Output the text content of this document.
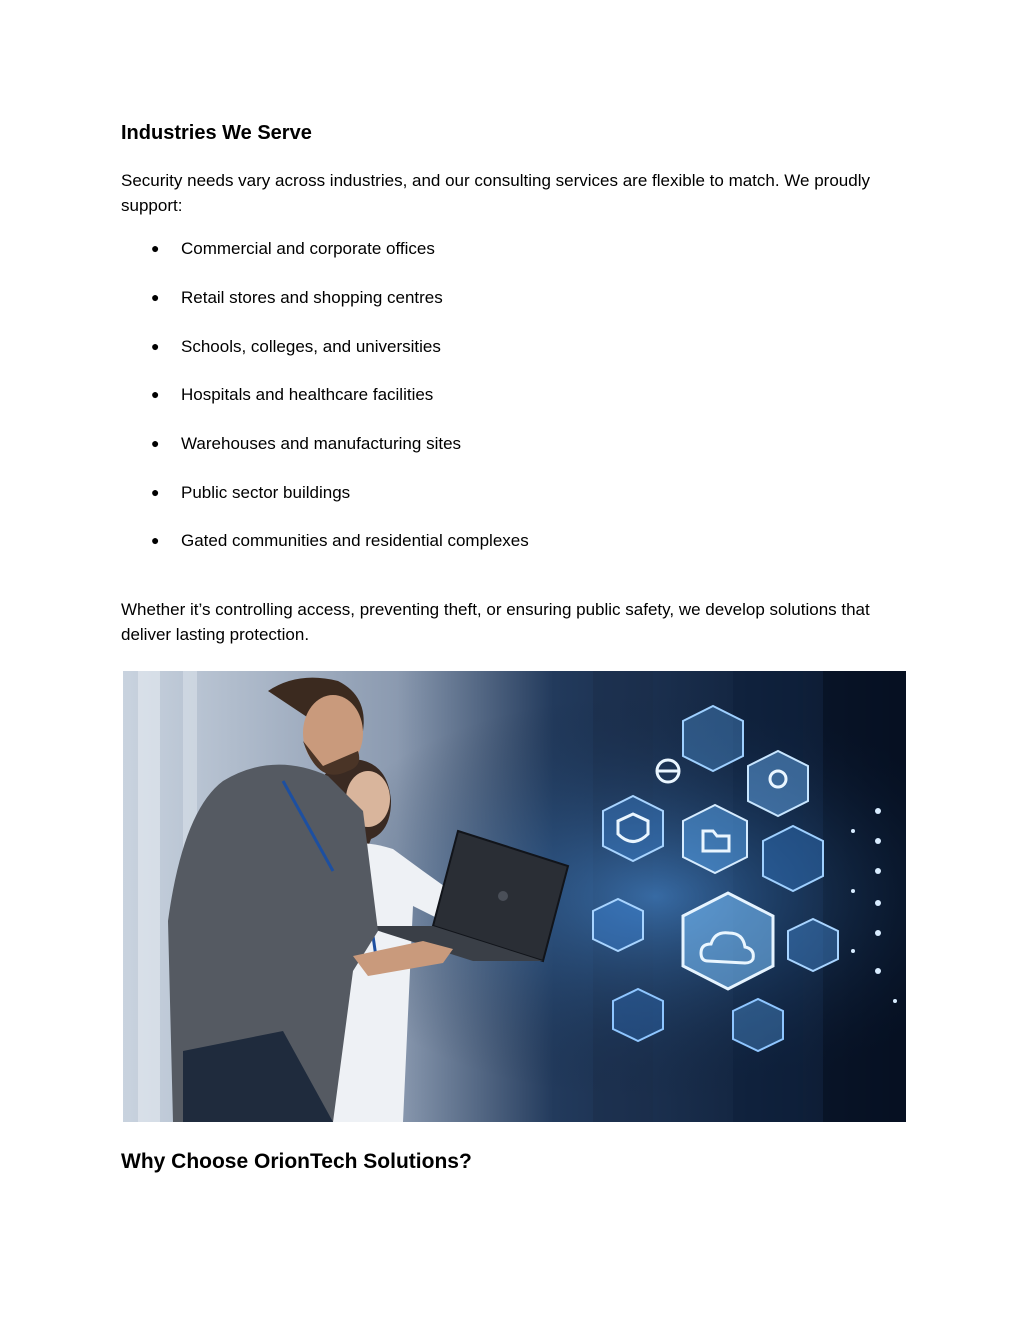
Industries We Serve

Security needs vary across industries, and our consulting services are flexible to match. We proudly support:

● Commercial and corporate offices
● Retail stores and shopping centres
● Schools, colleges, and universities
● Hospitals and healthcare facilities
● Warehouses and manufacturing sites
● Public sector buildings
● Gated communities and residential complexes

Whether it’s controlling access, preventing theft, or ensuring public safety, we develop solutions that deliver lasting protection.

Why Choose OrionTech Solutions?
